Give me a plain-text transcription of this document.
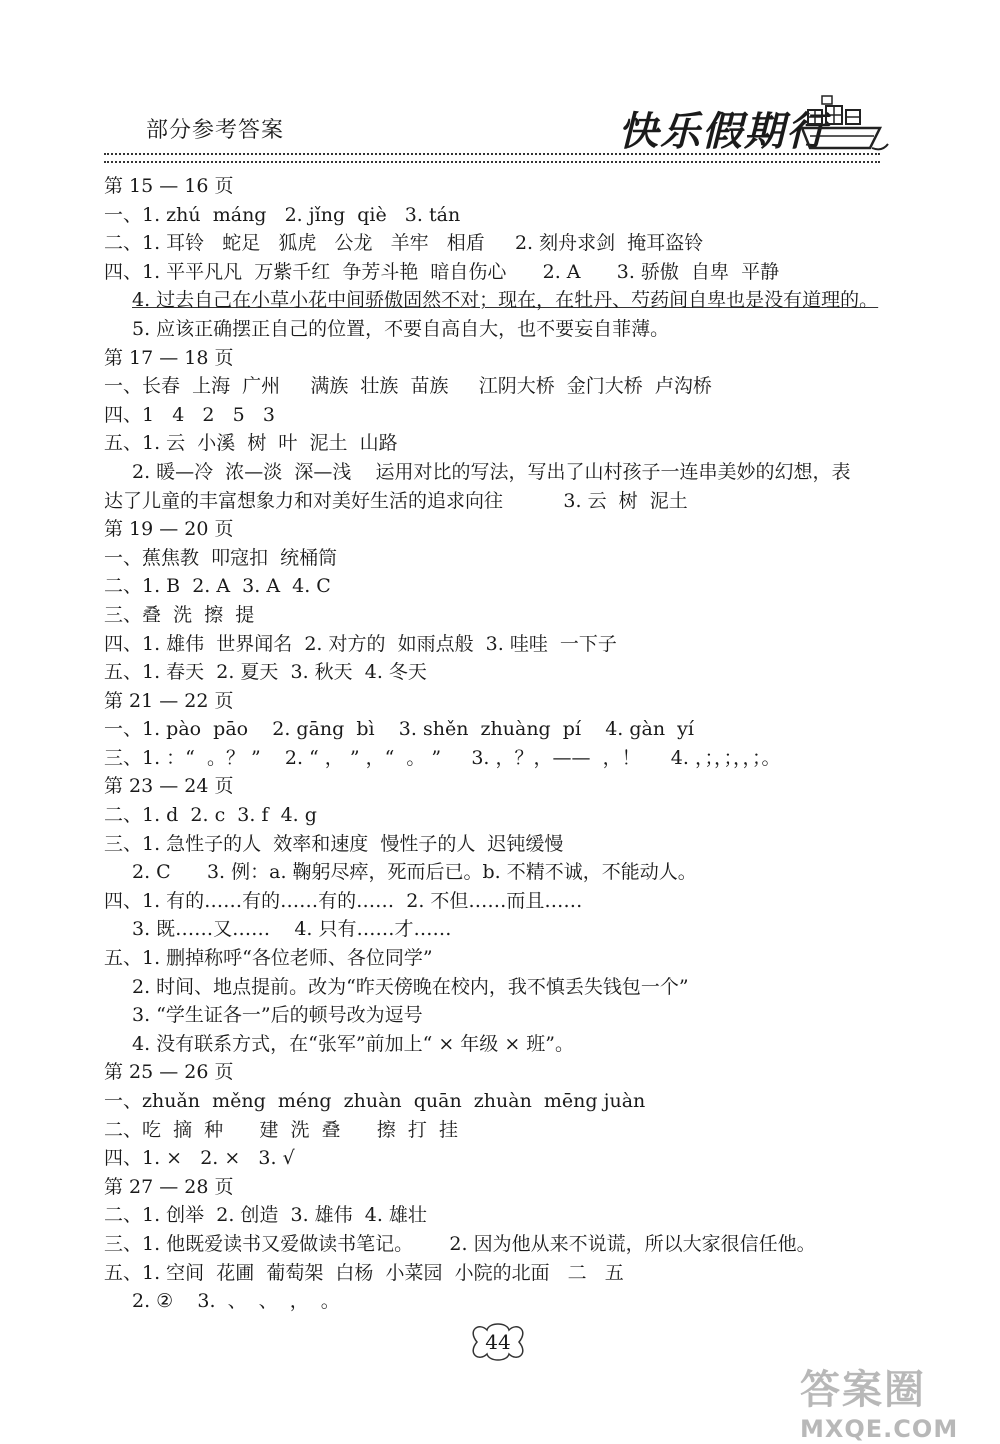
部分参考答案	快乐假期行
第 15 — 16 页
一、1. zhú  máng   2. jǐng  qiè   3. tán
二、1. 耳铃   蛇足   狐虎   公龙   羊牢   相盾     2. 刻舟求剑  掩耳盗铃
四、1. 平平凡凡  万紫千红  争芳斗艳  暗自伤心      2. A      3. 骄傲  自卑  平静
4. 过去自己在小草小花中间骄傲固然不对；现在，在牡丹、芍药间自卑也是没有道理的。
5. 应该正确摆正自己的位置，不要自高自大，也不要妄自菲薄。
第 17 — 18 页
一、长春  上海  广州     满族  壮族  苗族     江阴大桥  金门大桥  卢沟桥
四、1   4   2   5   3
五、1. 云  小溪  树  叶  泥土  山路
2. 暖—冷  浓—淡  深—浅    运用对比的写法，写出了山村孩子一连串美妙的幻想，表
达了儿童的丰富想象力和对美好生活的追求向往          3. 云  树  泥土
第 19 — 20 页
一、蕉焦教  叩寇扣  统桶筒
二、1. B  2. A  3. A  4. C
三、叠  洗  擦  提
四、1. 雄伟  世界闻名  2. 对方的  如雨点般  3. 哇哇  一下子
五、1. 春天  2. 夏天  3. 秋天  4. 冬天
第 21 — 22 页
一、1. pào  pāo    2. gāng  bì    3. shěn  zhuàng  pí    4. gàn  yí
三、1. ：“  。？ ”    2. “ ， ” ，“  。 ”     3. ，？，——  ，！     4. ，；，；，，；。
第 23 — 24 页
二、1. d  2. c  3. f  4. g
三、1. 急性子的人  效率和速度  慢性子的人  迟钝缓慢
2. C      3. 例：a. 鞠躬尽瘁，死而后已。b. 不精不诚，不能动人。
四、1. 有的……有的……有的……  2. 不但……而且……
3. 既……又……    4. 只有……才……
五、1. 删掉称呼“各位老师、各位同学”
2. 时间、地点提前。改为“昨天傍晚在校内，我不慎丢失钱包一个”
3. “学生证各一”后的顿号改为逗号
4. 没有联系方式，在“张军”前加上“ × 年级 × 班”。
第 25 — 26 页
一、zhuǎn  měng  méng  zhuàn  quān  zhuàn  mēng juàn
二、吃  摘  种      建  洗  叠      擦  打  挂
四、1. ×   2. ×   3. √
第 27 — 28 页
二、1. 创举  2. 创造  3. 雄伟  4. 雄壮
三、1. 他既爱读书又爱做读书笔记。      2. 因为他从来不说谎，所以大家很信任他。
五、1. 空间  花圃  葡萄架  白杨  小菜园  小院的北面   二   五
2. ②    3.  、  、  ，  。
44
答案圈
MXQE.COM
